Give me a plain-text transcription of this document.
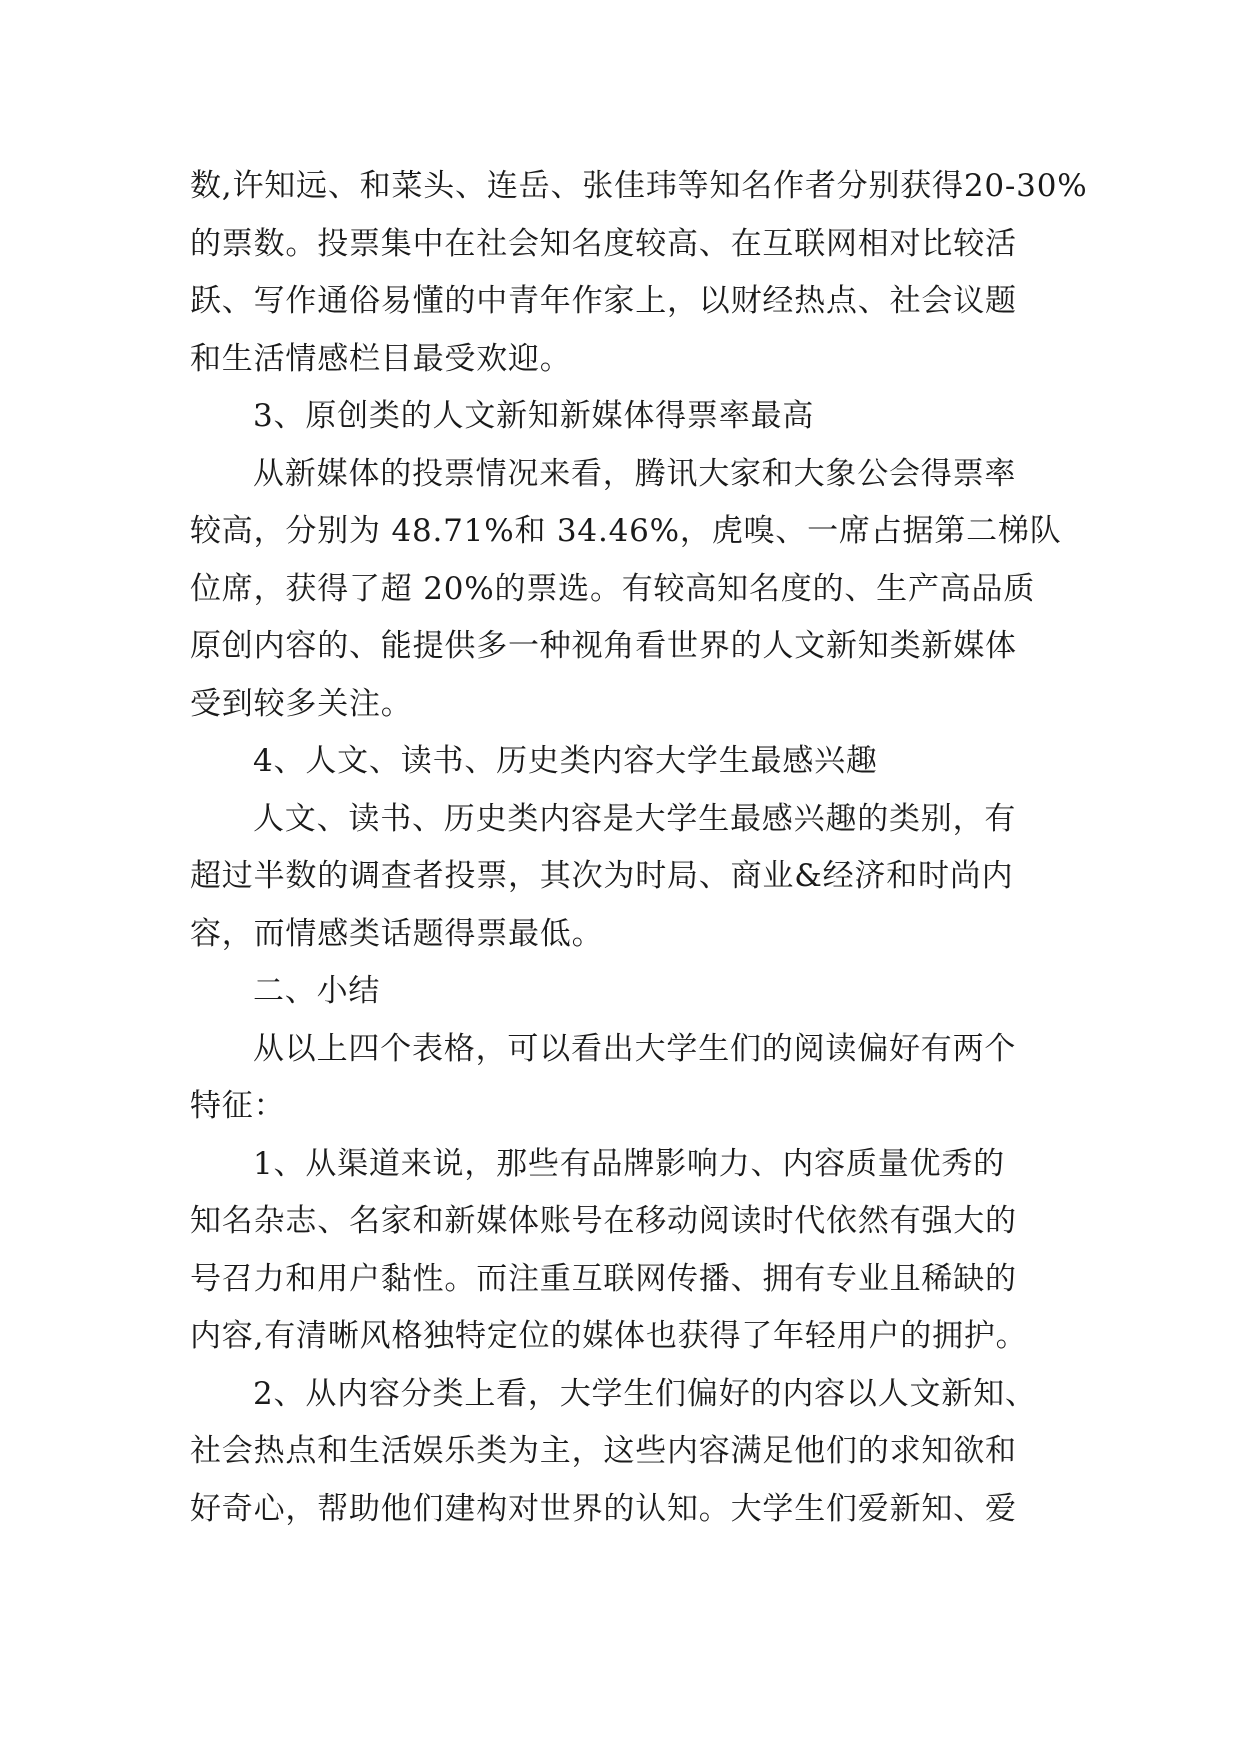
数,许知远、和菜头、连岳、张佳玮等知名作者分别获得20-30%
的票数。投票集中在社会知名度较高、在互联网相对比较活
跃、写作通俗易懂的中青年作家上，以财经热点、社会议题
和生活情感栏目最受欢迎。
3、原创类的人文新知新媒体得票率最高
从新媒体的投票情况来看，腾讯大家和大象公会得票率
较高，分别为 48.71%和 34.46%，虎嗅、一席占据第二梯队
位席，获得了超 20%的票选。有较高知名度的、生产高品质
原创内容的、能提供多一种视角看世界的人文新知类新媒体
受到较多关注。
4、人文、读书、历史类内容大学生最感兴趣
人文、读书、历史类内容是大学生最感兴趣的类别，有
超过半数的调查者投票，其次为时局、商业&经济和时尚内
容，而情感类话题得票最低。
二、小结
从以上四个表格，可以看出大学生们的阅读偏好有两个
特征：
1、从渠道来说，那些有品牌影响力、内容质量优秀的
知名杂志、名家和新媒体账号在移动阅读时代依然有强大的
号召力和用户黏性。而注重互联网传播、拥有专业且稀缺的
内容,有清晰风格独特定位的媒体也获得了年轻用户的拥护。
2、从内容分类上看，大学生们偏好的内容以人文新知、
社会热点和生活娱乐类为主，这些内容满足他们的求知欲和
好奇心，帮助他们建构对世界的认知。大学生们爱新知、爱
